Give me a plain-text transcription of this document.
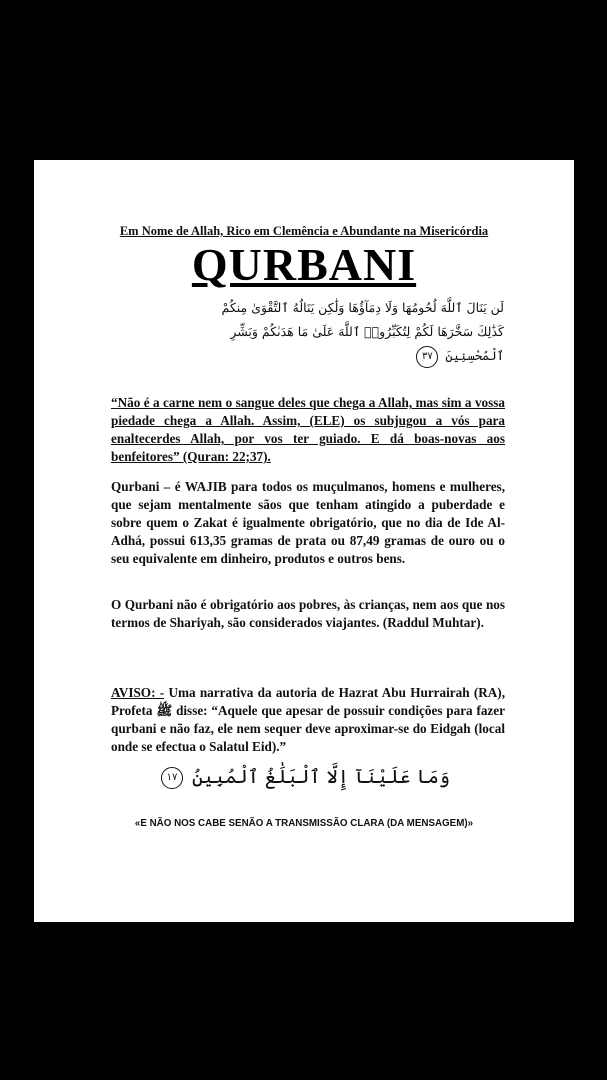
Em Nome de Allah, Rico em Clemência e Abundante na Misericórdia
QURBANI
لَن يَنَالَ ٱللَّهَ لُحُومُهَا وَلَا دِمَآؤُهَا وَلَٰكِن يَنَالُهُ ٱلتَّقْوَىٰ مِنكُمْ
كَذَٰلِكَ سَخَّرَهَا لَكُمْ لِتُكَبِّرُوا۟ ٱللَّهَ عَلَىٰ مَا هَدَىٰكُمْ وَبَشِّرِ
ٱلْمُحْسِنِينَ ٣٧
“Não é a carne nem o sangue deles que chega a Allah, mas sim a vossa piedade chega a Allah. Assim, (ELE) os subjugou a vós para enaltecerdes Allah, por vos ter guiado. E dá boas-novas aos benfeitores” (Quran: 22;37).
Qurbani – é WAJIB para todos os muçulmanos, homens e mulheres, que sejam mentalmente sãos que tenham atingido a puberdade e sobre quem o Zakat é igualmente obrigatório, que no dia de Ide Al-Adhá, possui 613,35 gramas de prata ou 87,49 gramas de ouro ou o seu equivalente em dinheiro, produtos e outros bens.
O Qurbani não é obrigatório aos pobres, às crianças, nem aos que nos termos de Shariyah, são considerados viajantes. (Raddul Muhtar).
AVISO: - Uma narrativa da autoria de Hazrat Abu Hurrairah (RA), Profeta ﷺ disse: “Aquele que apesar de possuir condições para fazer qurbani e não faz, ele nem sequer deve aproximar-se do Eidgah (local onde se efectua o Salatul Eid).”
وَمَا عَلَيْنَآ إِلَّا ٱلْبَلَٰغُ ٱلْمُبِينُ ١٧
«E NÃO NOS CABE SENÃO A TRANSMISSÃO CLARA (DA MENSAGEM)»
